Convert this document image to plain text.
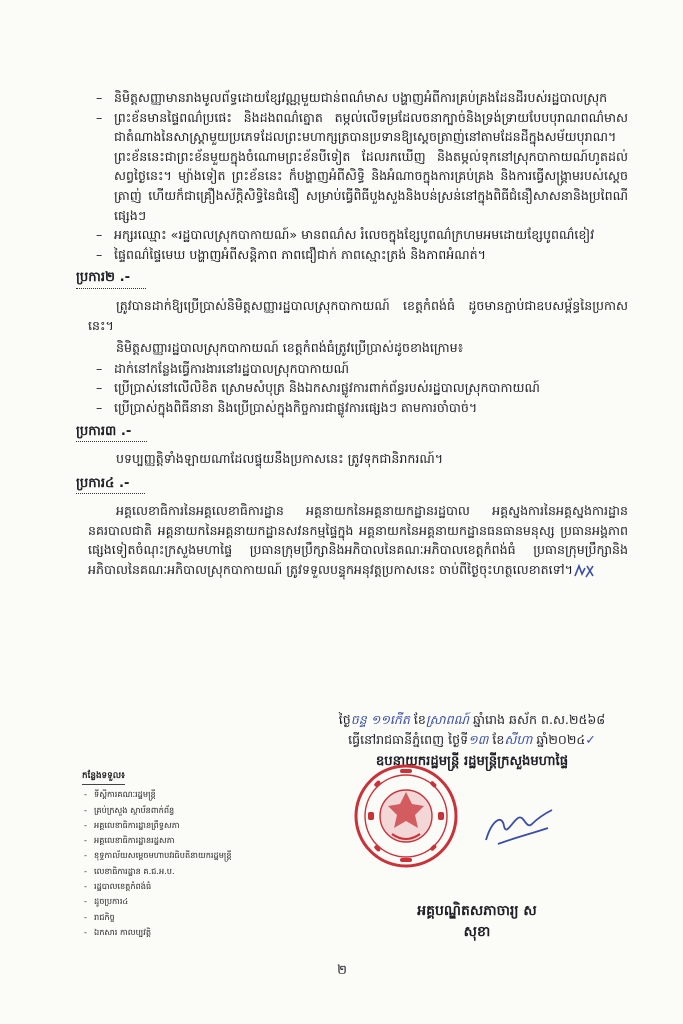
– និមិត្តសញ្ញាមានរាងមូលព័ទ្ធដោយខ្សែវណ្ណមួយជាន់ពណ៌មាស បង្ហាញអំពីការគ្រប់គ្រងដែនដីរបស់រដ្ឋបាលស្រុក
– ព្រះខ័នមានផ្ទៃពណ៌ប្រផេះ និងដងពណ៌ត្នោត តម្កល់លើទម្រដែលចនាក្បាច់និងទ្រង់ទ្រាយបែបបុរាណពណ៌មាស ជាតំណាងនៃសាស្ត្រាមួយប្រភេទដែលព្រះមហាក្សត្របានប្រទានឱ្យស្តេចត្រាញ់នៅតាមដែនដីក្នុងសម័យបុរាណ។ ព្រះខ័ននេះជាព្រះខ័នមួយក្នុងចំណោមព្រះខ័នបីទៀត ដែលរកឃើញ និងតម្កល់ទុកនៅស្រុកបាកាយណ៍ហូតដល់សព្វថ្ងៃនេះ។ ម្យ៉ាងទៀត ព្រះខ័ននេះ ក៏បង្ហាញអំពីសិទ្ធិ និងអំណាចក្នុងការគ្រប់គ្រង និងការធ្វើសង្គ្រាមរបស់ស្តេចត្រាញ់ ហើយក៏ជាគ្រឿងស័ក្តិសិទ្ធិនៃជំនឿ សម្រាប់ធ្វើពិធីបួងសួងនិងបន់ស្រន់នៅក្នុងពិធីជំនឿសាសនានិងប្រពៃណីផ្សេងៗ
– អក្សរឈ្មោះ «រដ្ឋបាលស្រុកបាកាយណ៍» មានពណ៌ស រំលេចក្នុងខ្សែបូពណ៌ក្រហមអមដោយខ្សែបូពណ៌ខៀវ
– ផ្ទៃពណ៌ផ្ទៃមេឃ បង្ហាញអំពីសន្តិភាព ភាពជឿជាក់ ភាពស្មោះត្រង់ និងភាពអំណត់។
ប្រការ២ .-

ត្រូវបានដាក់ឱ្យប្រើប្រាស់និមិត្តសញ្ញារដ្ឋបាលស្រុកបាកាយណ៍ ខេត្តកំពង់ធំ ដូចមានភ្ជាប់ជាឧបសម្ព័ន្ធនៃប្រកាសនេះ។

និមិត្តសញ្ញារដ្ឋបាលស្រុកបាកាយណ៍ ខេត្តកំពង់ធំត្រូវប្រើប្រាស់ដូចខាងក្រោម៖

– ដាក់នៅកន្លែងធ្វើការងារនៅរដ្ឋបាលស្រុកបាកាយណ៍
– ប្រើប្រាស់នៅលើលិខិត ស្រោមសំបុត្រ និងឯកសារផ្លូវការពាក់ព័ន្ធរបស់រដ្ឋបាលស្រុកបាកាយណ៍
– ប្រើប្រាស់ក្នុងពិធីនានា និងប្រើប្រាស់ក្នុងកិច្ចការជាផ្លូវការផ្សេងៗ តាមការចាំបាច់។
ប្រការ៣ .-

បទប្បញ្ញត្តិទាំងឡាយណាដែលផ្ទុយនឹងប្រកាសនេះ ត្រូវទុកជានិរាករណ៍។

ប្រការ៤ .-

អគ្គលេខាធិការនៃអគ្គលេខាធិការដ្ឋាន អគ្គនាយកនៃអគ្គនាយកដ្ឋានរដ្ឋបាល អគ្គស្នងការនៃអគ្គស្នងការដ្ឋាននគរបាលជាតិ អគ្គនាយកនៃអគ្គនាយកដ្ឋានសវនកម្មផ្ទៃក្នុង អគ្គនាយកនៃអគ្គនាយកដ្ឋានធនធានមនុស្ស ប្រធានអង្គភាពផ្សេងទៀតចំណុះក្រសួងមហាផ្ទៃ ប្រធានក្រុមប្រឹក្សានិងអភិបាលនៃគណៈអភិបាលខេត្តកំពង់ធំ ប្រធានក្រុមប្រឹក្សានិងអភិបាលនៃគណៈអភិបាលស្រុកបាកាយណ៍ ត្រូវទទួលបន្ទុកអនុវត្តប្រកាសនេះ ចាប់ពីថ្ងៃចុះហត្ថលេខាតទៅ។

ថ្ងៃចន្ទ ១១កើត ខែស្រាពណ៍ ឆ្នាំរោង ឆស័ក ព.ស.២៥៦៨
ធ្វើនៅរាជធានីភ្នំពេញ ថ្ងៃទី១៣ ខែសីហា ឆ្នាំ២០២៤✓
ឧបនាយករដ្ឋមន្ត្រី រដ្ឋមន្ត្រីក្រសួងមហាផ្ទៃ
អគ្គបណ្ឌិតសភាចារ្យ ស សុខា
កន្លែងទទួល៖
- ទីស្តីការគណៈរដ្ឋមន្ត្រី
- គ្រប់ក្រសួង ស្ថាប័នពាក់ព័ន្ធ
- អគ្គលេខាធិការដ្ឋានព្រឹទ្ធសភា
- អគ្គលេខាធិការដ្ឋានរដ្ឋសភា
- ខុទ្ទកាល័យសម្តេចមហាបវរធិបតីនាយករដ្ឋមន្ត្រី
- លេខាធិការដ្ឋាន គ.ជ.អ.ប.
- រដ្ឋបាលខេត្តកំពង់ធំ
- ដូចប្រការ៤
- រាជកិច្ច
- ឯកសារ កាលប្បវត្តិ
២
